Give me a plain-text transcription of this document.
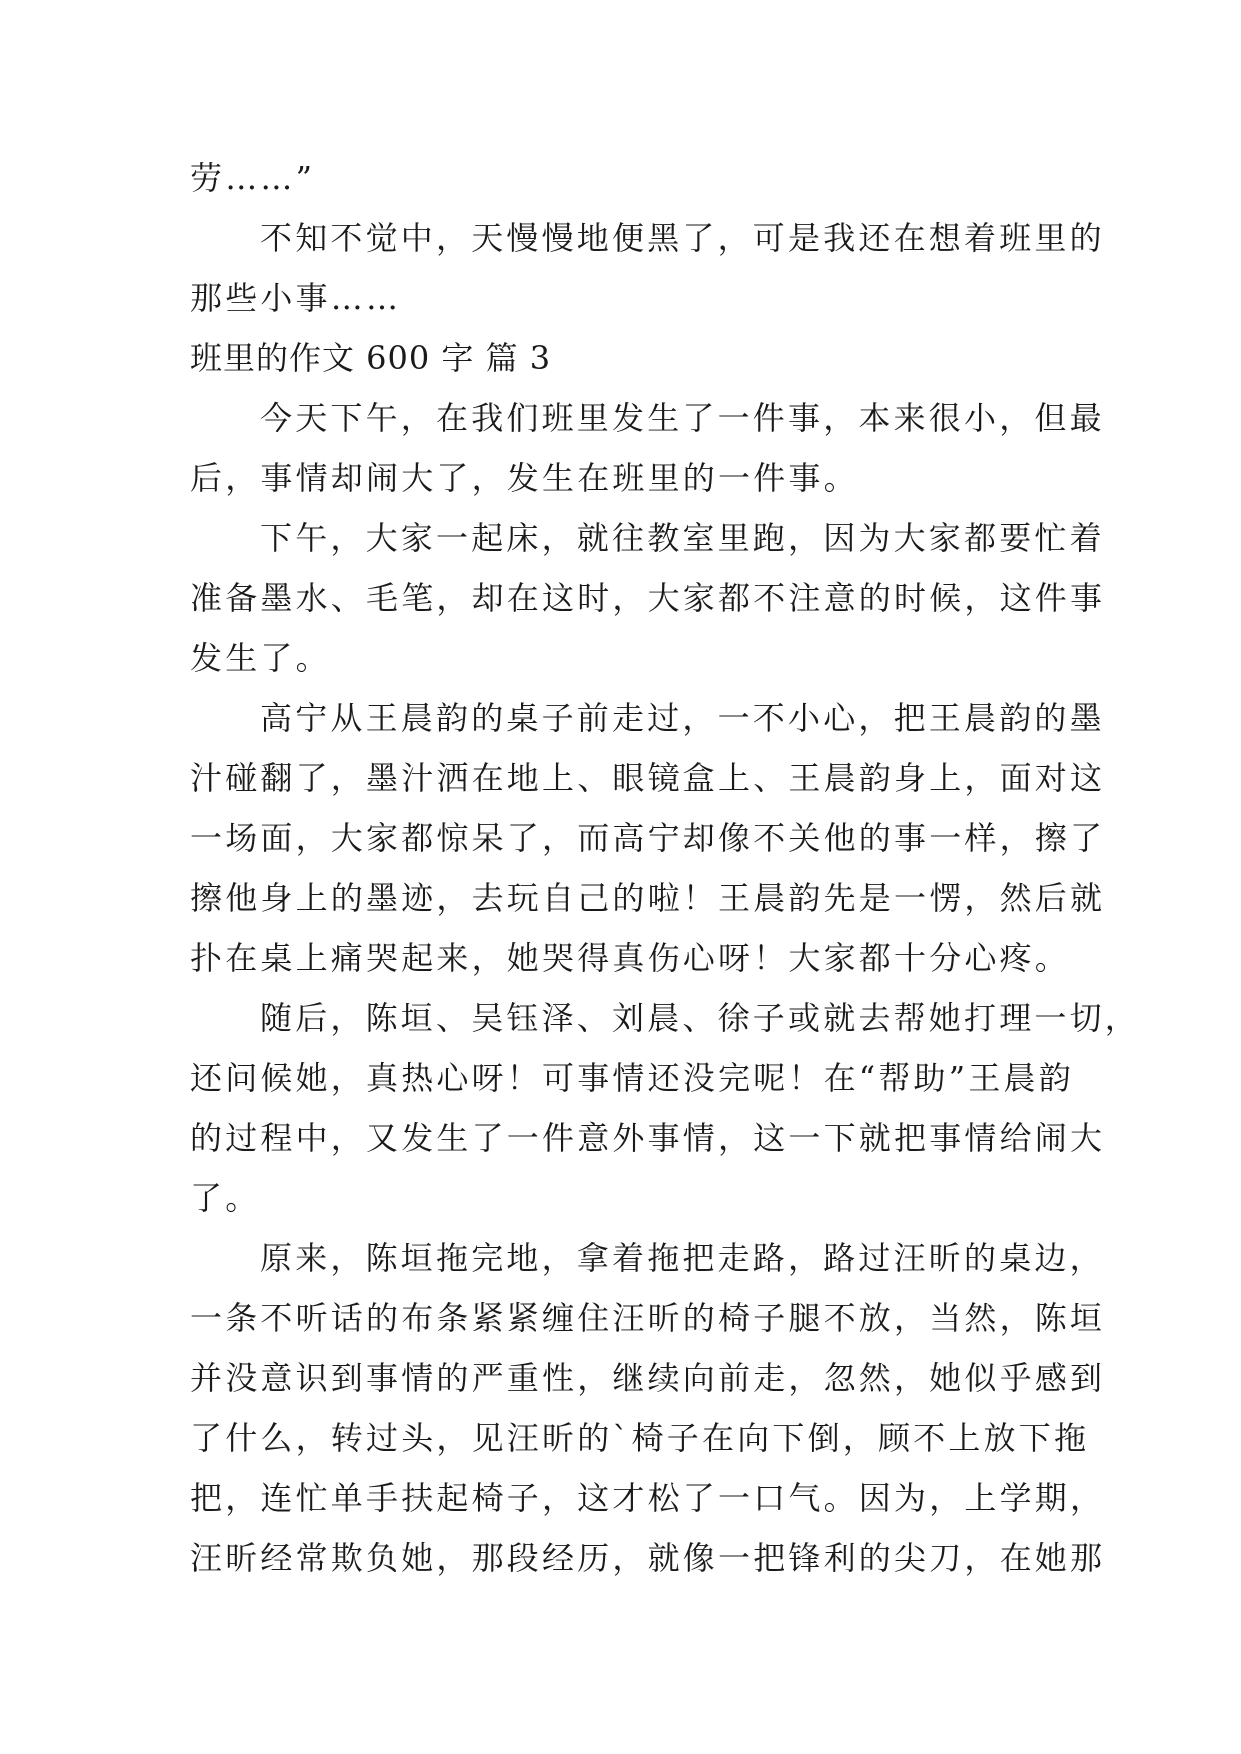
劳……”
不知不觉中，天慢慢地便黑了，可是我还在想着班里的
那些小事……
班里的作文 600 字 篇 3
今天下午，在我们班里发生了一件事，本来很小，但最
后，事情却闹大了，发生在班里的一件事。
下午，大家一起床，就往教室里跑，因为大家都要忙着
准备墨水、毛笔，却在这时，大家都不注意的时候，这件事
发生了。
高宁从王晨韵的桌子前走过，一不小心，把王晨韵的墨
汁碰翻了，墨汁洒在地上、眼镜盒上、王晨韵身上，面对这
一场面，大家都惊呆了，而高宁却像不关他的事一样，擦了
擦他身上的墨迹，去玩自己的啦！王晨韵先是一愣，然后就
扑在桌上痛哭起来，她哭得真伤心呀！大家都十分心疼。
随后，陈垣、吴钰泽、刘晨、徐子或就去帮她打理一切，
还问候她，真热心呀！可事情还没完呢！在“帮助”王晨韵
的过程中，又发生了一件意外事情，这一下就把事情给闹大
了。
原来，陈垣拖完地，拿着拖把走路，路过汪昕的桌边，
一条不听话的布条紧紧缠住汪昕的椅子腿不放，当然，陈垣
并没意识到事情的严重性，继续向前走，忽然，她似乎感到
了什么，转过头，见汪昕的`椅子在向下倒，顾不上放下拖
把，连忙单手扶起椅子，这才松了一口气。因为，上学期，
汪昕经常欺负她，那段经历，就像一把锋利的尖刀，在她那
